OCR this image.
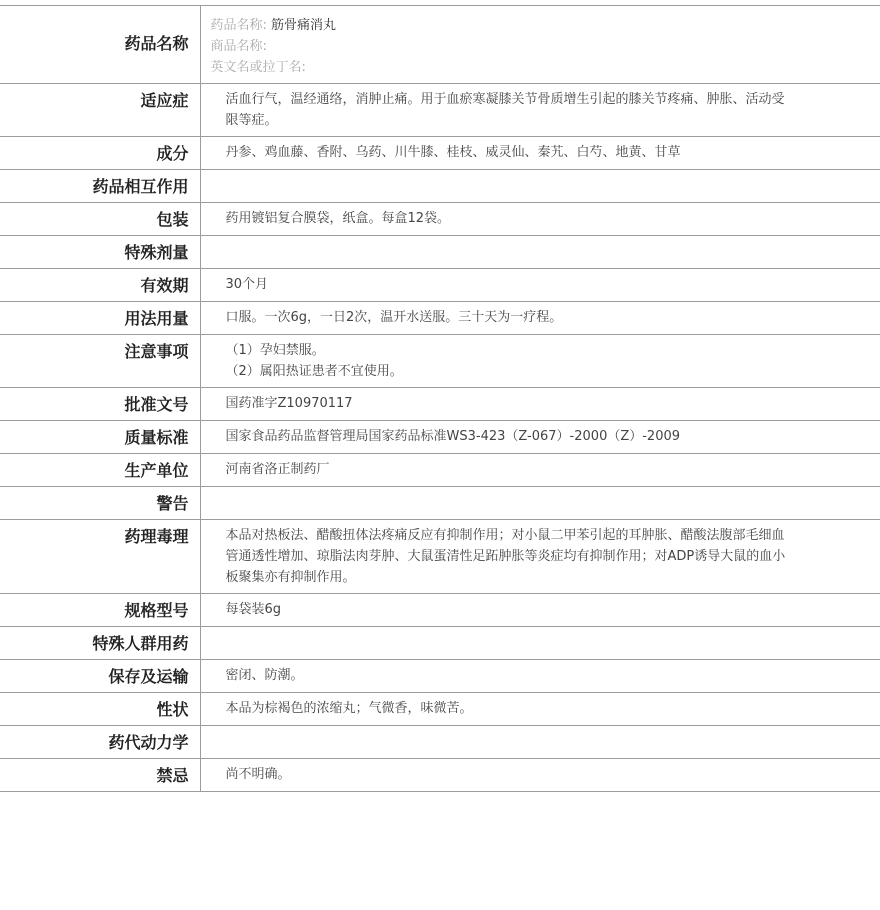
药品名称	药品名称: 筋骨痛消丸
商品名称:
英文名或拉丁名:

适应症	活血行气，温经通络，消肿止痛。用于血瘀寒凝膝关节骨质增生引起的膝关节疼痛、肿胀、活动受限等症。
成分	丹参、鸡血藤、香附、乌药、川牛膝、桂枝、威灵仙、秦艽、白芍、地黄、甘草
药品相互作用	
包装	药用镀铝复合膜袋，纸盒。每盒12袋。
特殊剂量	
有效期	30个月
用法用量	口服。一次6g，一日2次，温开水送服。三十天为一疗程。
注意事项	（1）孕妇禁服。
（2）属阳热证患者不宜使用。

批准文号	国药准字Z10970117
质量标准	国家食品药品监督管理局国家药品标准WS3-423（Z-067）-2000（Z）-2009
生产单位	河南省洛正制药厂
警告	
药理毒理	本品对热板法、醋酸扭体法疼痛反应有抑制作用；对小鼠二甲苯引起的耳肿胀、醋酸法腹部毛细血管通透性增加、琼脂法肉芽肿、大鼠蛋清性足跖肿胀等炎症均有抑制作用；对ADP诱导大鼠的血小板聚集亦有抑制作用。
规格型号	每袋装6g
特殊人群用药	
保存及运输	密闭、防潮。
性状	本品为棕褐色的浓缩丸；气微香，味微苦。
药代动力学	
禁忌	尚不明确。
